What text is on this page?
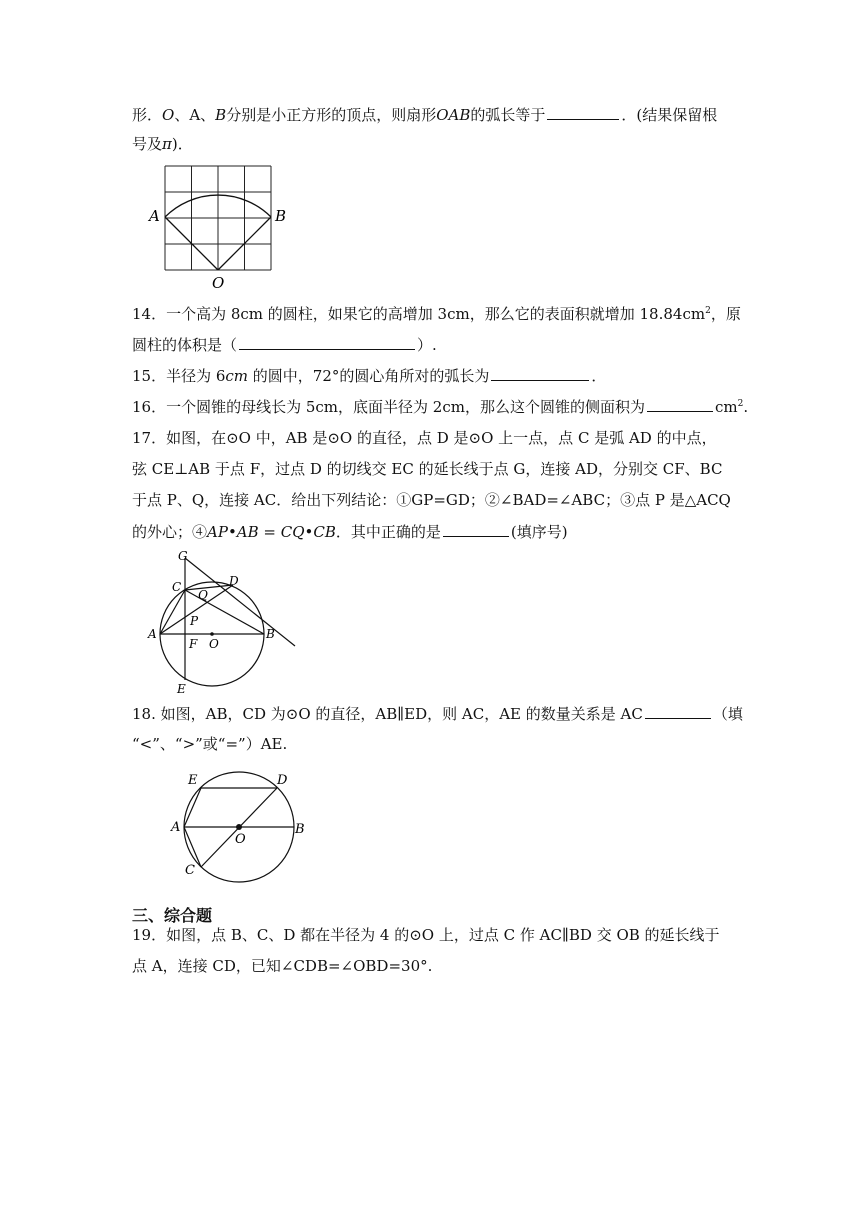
形．O、A、B分别是小正方形的顶点，则扇形OAB的弧长等于	．(结果保留根
号及π)．
A	B
O
14．一个高为 8cm 的圆柱，如果它的高增加 3cm，那么它的表面积就增加 $18.84cm^2$，原
圆柱的体积是（	）.
15．半径为 6cm 的圆中，72°的圆心角所对的弧长为	．
16．一个圆锥的母线长为 5cm，底面半径为 2cm，那么这个圆锥的侧面积为	$cm^2$.
17．如图，在⊙O 中，AB 是⊙O 的直径，点 D 是⊙O 上一点，点 C 是弧 AD 的中点，
弦 CE⊥AB 于点 F，过点 D 的切线交 EC 的延长线于点 G，连接 AD，分别交 CF、BC
于点 P、Q，连接 AC．给出下列结论：①GP=GD；②∠BAD=∠ABC；③点 P 是△ACQ
的外心；④AP•AB = CQ•CB．其中正确的是	(填序号)
G
C	D
Q
P
A
F O
B
E
18. 如图，AB，CD 为⊙O 的直径，AB∥ED，则 AC，AE 的数量关系是 AC	（填
“<”、“>”或“=”）AE.
E	D
A
O
B
C
三、综合题
19．如图，点 B、C、D 都在半径为 4 的⊙O 上，过点 C 作 AC∥BD 交 OB 的延长线于
点 A，连接 CD，已知∠CDB=∠OBD=30°.
